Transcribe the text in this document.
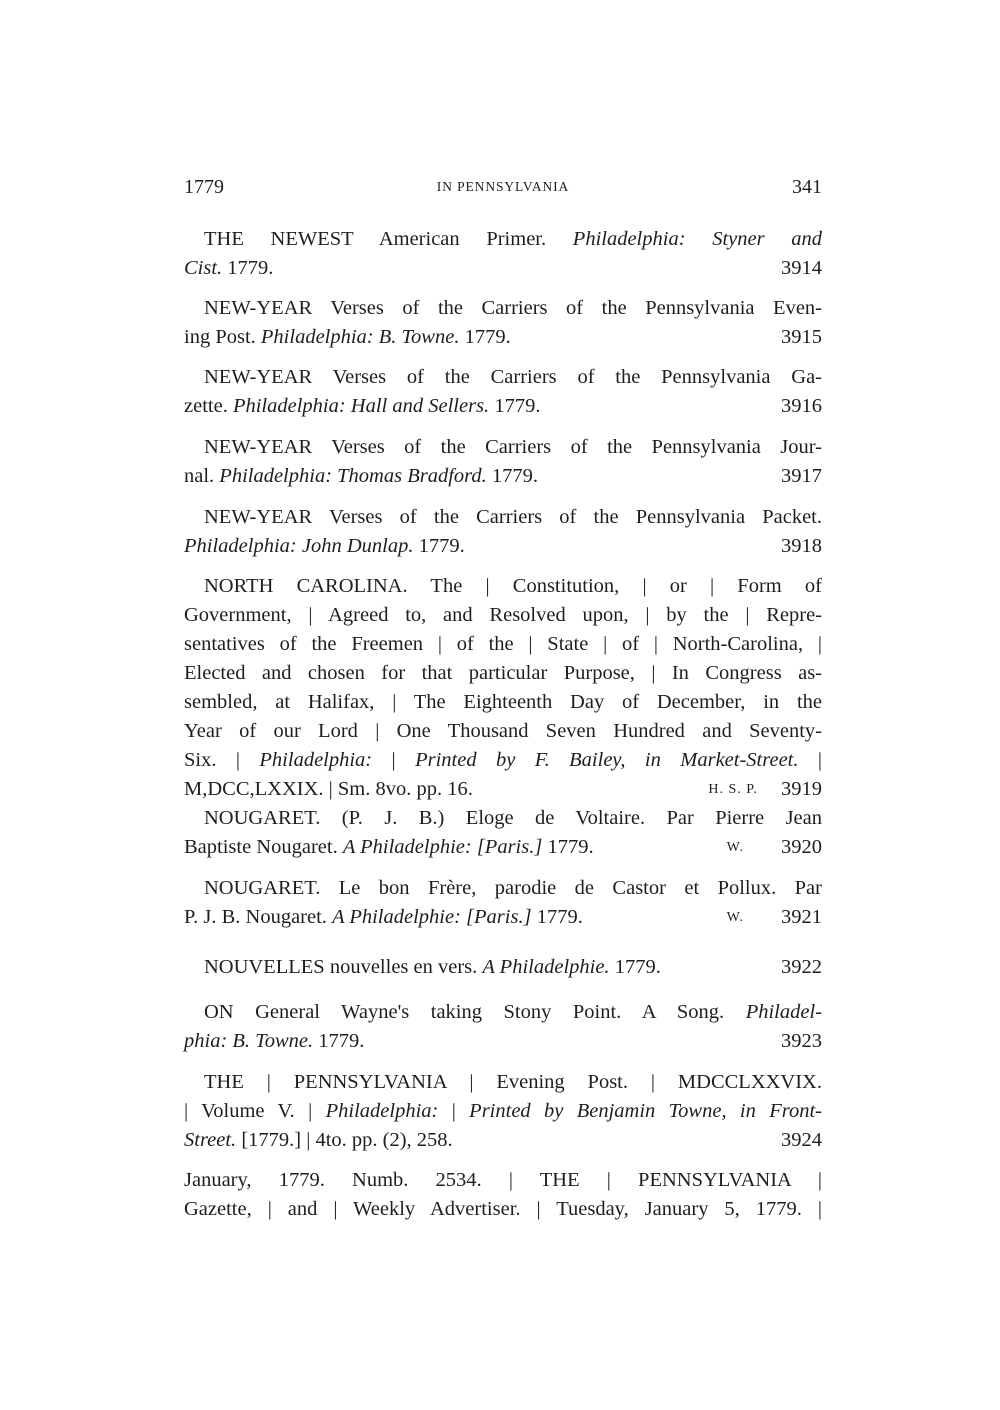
1779	IN PENNSYLVANIA	341
THE NEWEST American Primer. Philadelphia: Styner and
Cist. 1779.	3914
NEW-YEAR Verses of the Carriers of the Pennsylvania Even-
ing Post. Philadelphia: B. Towne. 1779.	3915
NEW-YEAR Verses of the Carriers of the Pennsylvania Ga-
zette. Philadelphia: Hall and Sellers. 1779.	3916
NEW-YEAR Verses of the Carriers of the Pennsylvania Jour-
nal. Philadelphia: Thomas Bradford. 1779.	3917
NEW-YEAR Verses of the Carriers of the Pennsylvania Packet.
Philadelphia: John Dunlap. 1779.	3918
NORTH CAROLINA. The | Constitution, | or | Form of
Government, | Agreed to, and Resolved upon, | by the | Repre-
sentatives of the Freemen | of the | State | of | North-Carolina, |
Elected and chosen for that particular Purpose, | In Congress as-
sembled, at Halifax, | The Eighteenth Day of December, in the
Year of our Lord | One Thousand Seven Hundred and Seventy-
Six. | Philadelphia: | Printed by F. Bailey, in Market-Street. |
M,DCC,LXXIX. | Sm. 8vo. pp. 16.	H. S. P. 3919
NOUGARET. (P. J. B.) Eloge de Voltaire. Par Pierre Jean
Baptiste Nougaret. A Philadelphie: [Paris.] 1779.	W. 3920
NOUGARET. Le bon Frère, parodie de Castor et Pollux. Par
P. J. B. Nougaret. A Philadelphie: [Paris.] 1779.	W. 3921
NOUVELLES nouvelles en vers. A Philadelphie. 1779.	3922
ON General Wayne's taking Stony Point. A Song. Philadel-
phia: B. Towne. 1779.	3923
THE | PENNSYLVANIA | Evening Post. | MDCCLXXVIX.
| Volume V. | Philadelphia: | Printed by Benjamin Towne, in Front-
Street. [1779.] | 4to. pp. (2), 258.	3924
January, 1779. Numb. 2534. | THE | PENNSYLVANIA |
Gazette, | and | Weekly Advertiser. | Tuesday, January 5, 1779. |
